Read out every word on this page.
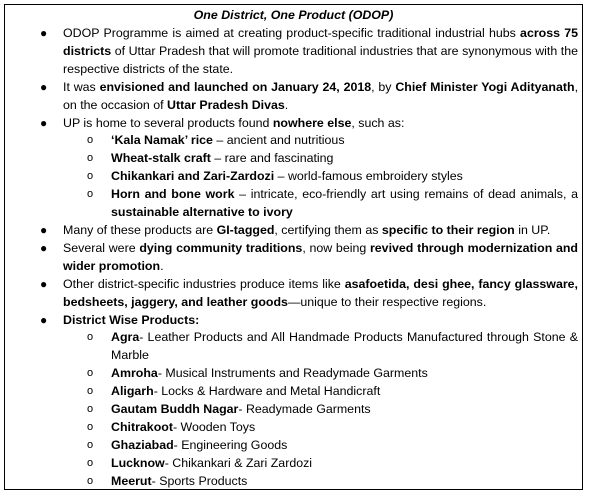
One District, One Product (ODOP)
● ODOP Programme is aimed at creating product-specific traditional industrial hubs across 75 districts of Uttar Pradesh that will promote traditional industries that are synonymous with the respective districts of the state.
● It was envisioned and launched on January 24, 2018, by Chief Minister Yogi Adityanath, on the occasion of Uttar Pradesh Divas.
● UP is home to several products found nowhere else, such as:
o ‘Kala Namak’ rice – ancient and nutritious
o Wheat-stalk craft – rare and fascinating
o Chikankari and Zari-Zardozi – world-famous embroidery styles
o Horn and bone work – intricate, eco-friendly art using remains of dead animals, a sustainable alternative to ivory
● Many of these products are GI-tagged, certifying them as specific to their region in UP.
● Several were dying community traditions, now being revived through modernization and wider promotion.
● Other district-specific industries produce items like asafoetida, desi ghee, fancy glassware, bedsheets, jaggery, and leather goods—unique to their respective regions.
● District Wise Products:
o Agra- Leather Products and All Handmade Products Manufactured through Stone & Marble
o Amroha- Musical Instruments and Readymade Garments
o Aligarh- Locks & Hardware and Metal Handicraft
o Gautam Buddh Nagar- Readymade Garments
o Chitrakoot- Wooden Toys
o Ghaziabad- Engineering Goods
o Lucknow- Chikankari & Zari Zardozi
o Meerut- Sports Products
